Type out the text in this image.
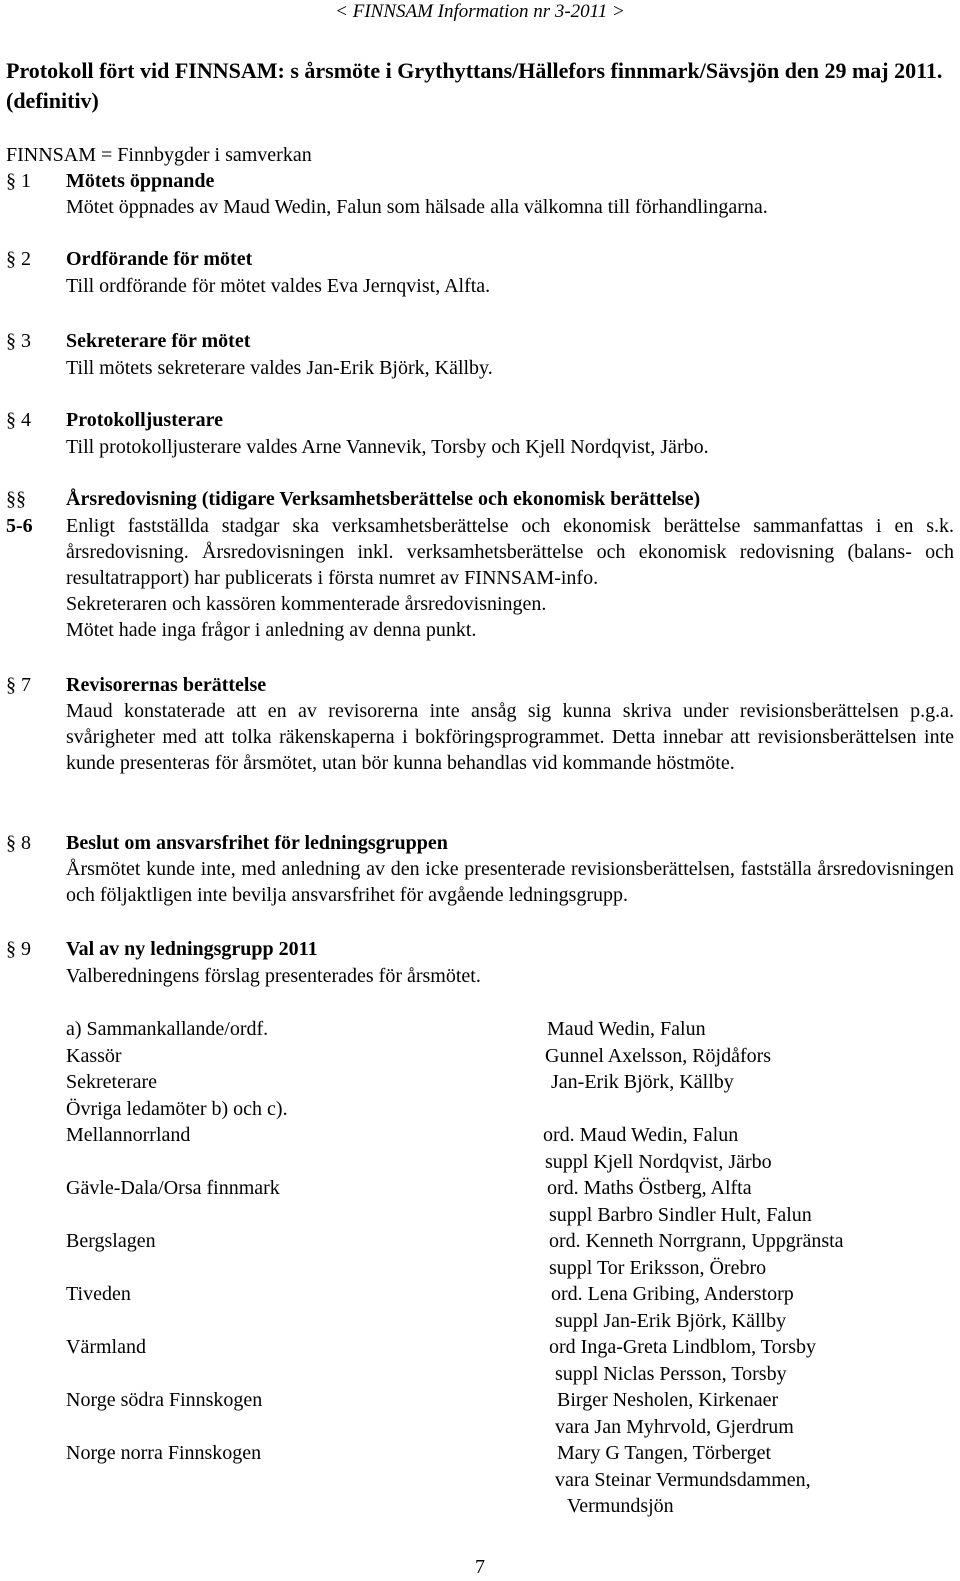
< FINNSAM Information nr 3-2011 >
Protokoll fört vid FINNSAM: s årsmöte i Grythyttans/Hällefors finnmark/Sävsjön den 29 maj 2011. (definitiv)
FINNSAM = Finnbygder i samverkan
§ 1 Mötets öppnande
Mötet öppnades av Maud Wedin, Falun som hälsade alla välkomna till förhandlingarna.
§ 2 Ordförande för mötet
Till ordförande för mötet valdes Eva Jernqvist, Alfta.
§ 3 Sekreterare för mötet
Till mötets sekreterare valdes Jan-Erik Björk, Källby.
§ 4 Protokolljusterare
Till protokolljusterare valdes Arne Vannevik, Torsby och Kjell Nordqvist, Järbo.
§§ Årsredovisning (tidigare Verksamhetsberättelse och ekonomisk berättelse)
5-6 Enligt fastställda stadgar ska verksamhetsberättelse och ekonomisk berättelse sammanfattas i en s.k. årsredovisning. Årsredovisningen inkl. verksamhetsberättelse och ekonomisk redovisning (balans- och resultatrapport) har publicerats i första numret av FINNSAM-info.
Sekreteraren och kassören kommenterade årsredovisningen.
Mötet hade inga frågor i anledning av denna punkt.
§ 7 Revisorernas berättelse
Maud konstaterade att en av revisorerna inte ansåg sig kunna skriva under revisionsberättelsen p.g.a. svårigheter med att tolka räkenskaperna i bokföringsprogrammet. Detta innebar att revisionsberättelsen inte kunde presenteras för årsmötet, utan bör kunna behandlas vid kommande höstmöte.
§ 8 Beslut om ansvarsfrihet för ledningsgruppen
Årsmötet kunde inte, med anledning av den icke presenterade revisionsberättelsen, fastställa årsredovisningen och följaktligen inte bevilja ansvarsfrihet för avgående ledningsgrupp.
§ 9 Val av ny ledningsgrupp 2011
Valberedningens förslag presenterades för årsmötet.
a) Sammankallande/ordf.	Maud Wedin, Falun
Kassör	Gunnel Axelsson, Röjdåfors
Sekreterare	Jan-Erik Björk, Källby
Övriga ledamöter b) och c).
Mellannorrland	ord. Maud Wedin, Falun
suppl Kjell Nordqvist, Järbo
Gävle-Dala/Orsa finnmark	ord. Maths Östberg, Alfta
suppl Barbro Sindler Hult, Falun
Bergslagen	ord. Kenneth Norrgrann, Uppgränsta
suppl Tor Eriksson, Örebro
Tiveden	ord. Lena Gribing, Anderstorp
suppl Jan-Erik Björk, Källby
Värmland	ord Inga-Greta Lindblom, Torsby
suppl Niclas Persson, Torsby
Norge södra Finnskogen	Birger Nesholen, Kirkenaer
vara Jan Myhrvold, Gjerdrum
Norge norra Finnskogen	Mary G Tangen, Törberget
vara Steinar Vermundsdammen,
Vermundsjön
7
